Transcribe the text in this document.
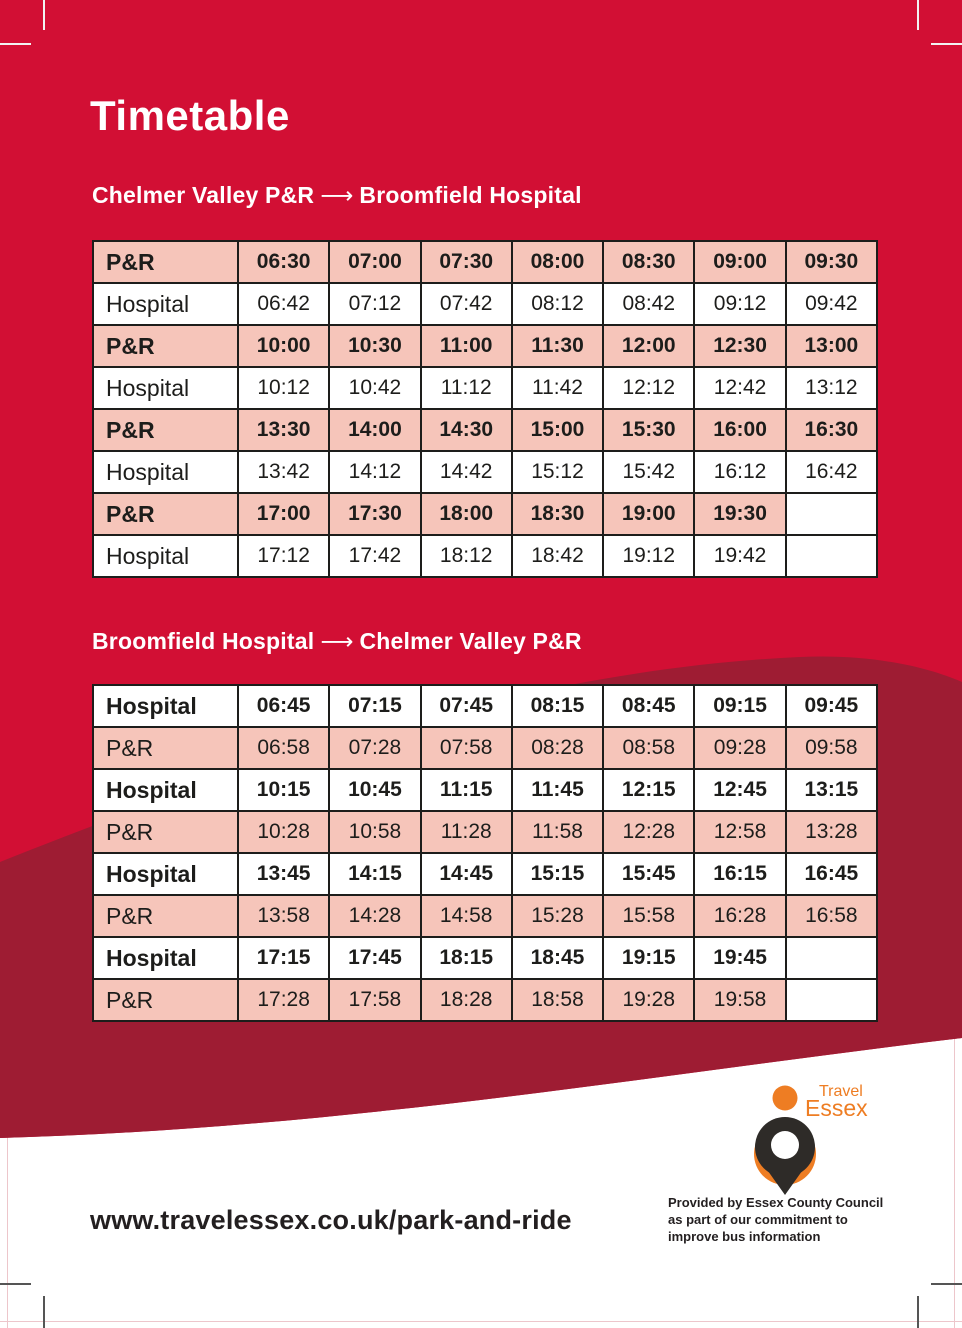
Timetable
Chelmer Valley P&R ⟶ Broomfield Hospital
P&R	06:30	07:00	07:30	08:00	08:30	09:00	09:30
Hospital	06:42	07:12	07:42	08:12	08:42	09:12	09:42
P&R	10:00	10:30	11:00	11:30	12:00	12:30	13:00
Hospital	10:12	10:42	11:12	11:42	12:12	12:42	13:12
P&R	13:30	14:00	14:30	15:00	15:30	16:00	16:30
Hospital	13:42	14:12	14:42	15:12	15:42	16:12	16:42
P&R	17:00	17:30	18:00	18:30	19:00	19:30	
Hospital	17:12	17:42	18:12	18:42	19:12	19:42	
Broomfield Hospital ⟶ Chelmer Valley P&R
Hospital	06:45	07:15	07:45	08:15	08:45	09:15	09:45
P&R	06:58	07:28	07:58	08:28	08:58	09:28	09:58
Hospital	10:15	10:45	11:15	11:45	12:15	12:45	13:15
P&R	10:28	10:58	11:28	11:58	12:28	12:58	13:28
Hospital	13:45	14:15	14:45	15:15	15:45	16:15	16:45
P&R	13:58	14:28	14:58	15:28	15:58	16:28	16:58
Hospital	17:15	17:45	18:15	18:45	19:15	19:45	
P&R	17:28	17:58	18:28	18:58	19:28	19:58	
Travel
Essex
www.travelessex.co.uk/park-and-ride
Provided by Essex County Council
as part of our commitment to
improve bus information
